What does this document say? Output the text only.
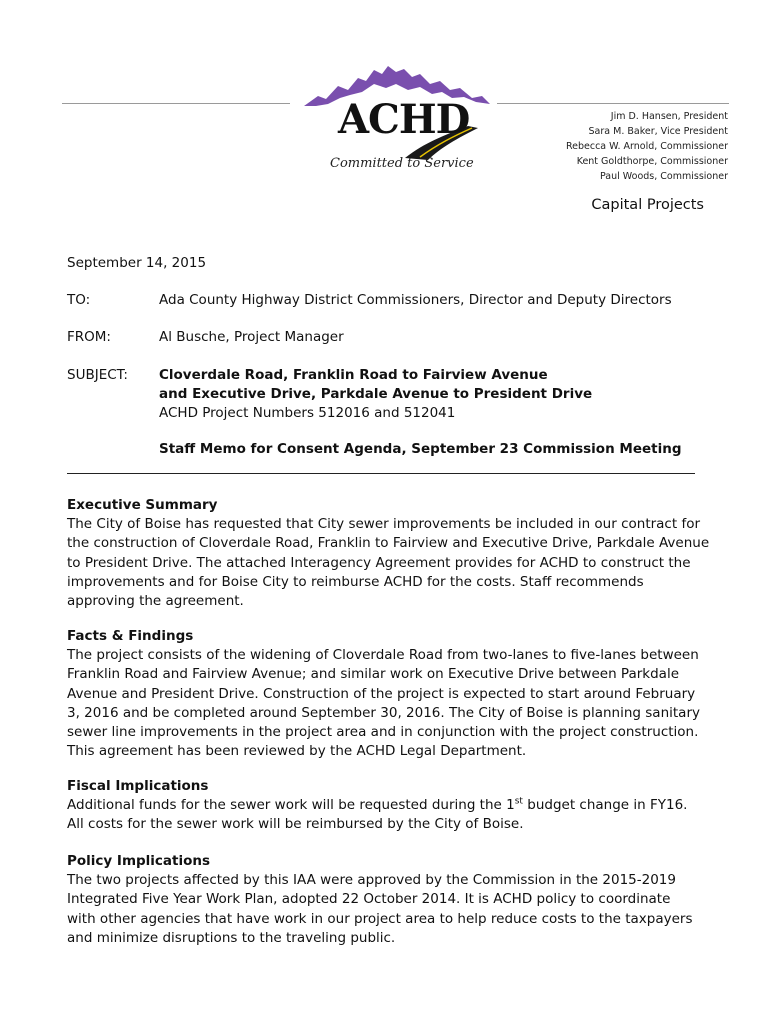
ACHD
Committed to Service
Jim D. Hansen, President
Sara M. Baker, Vice President
Rebecca W. Arnold, Commissioner
Kent Goldthorpe, Commissioner
Paul Woods, Commissioner
Capital Projects
September 14, 2015
TO:	Ada County Highway District Commissioners, Director and Deputy Directors
FROM:	Al Busche, Project Manager
SUBJECT:	Cloverdale Road, Franklin Road to Fairview Avenue
and Executive Drive, Parkdale Avenue to President Drive
ACHD Project Numbers 512016 and 512041
Staff Memo for Consent Agenda, September 23 Commission Meeting
Executive Summary

The City of Boise has requested that City sewer improvements be included in our contract for

the construction of Cloverdale Road, Franklin to Fairview and Executive Drive, Parkdale Avenue

to President Drive. The attached Interagency Agreement provides for ACHD to construct the

improvements and for Boise City to reimburse ACHD for the costs. Staff recommends

approving the agreement.

Facts & Findings

The project consists of the widening of Cloverdale Road from two-lanes to five-lanes between

Franklin Road and Fairview Avenue; and similar work on Executive Drive between Parkdale

Avenue and President Drive. Construction of the project is expected to start around February

3, 2016 and be completed around September 30, 2016. The City of Boise is planning sanitary

sewer line improvements in the project area and in conjunction with the project construction.

This agreement has been reviewed by the ACHD Legal Department.

Fiscal Implications

Additional funds for the sewer work will be requested during the 1st budget change in FY16.

All costs for the sewer work will be reimbursed by the City of Boise.

Policy Implications

The two projects affected by this IAA were approved by the Commission in the 2015-2019

Integrated Five Year Work Plan, adopted 22 October 2014. It is ACHD policy to coordinate

with other agencies that have work in our project area to help reduce costs to the taxpayers

and minimize disruptions to the traveling public.
